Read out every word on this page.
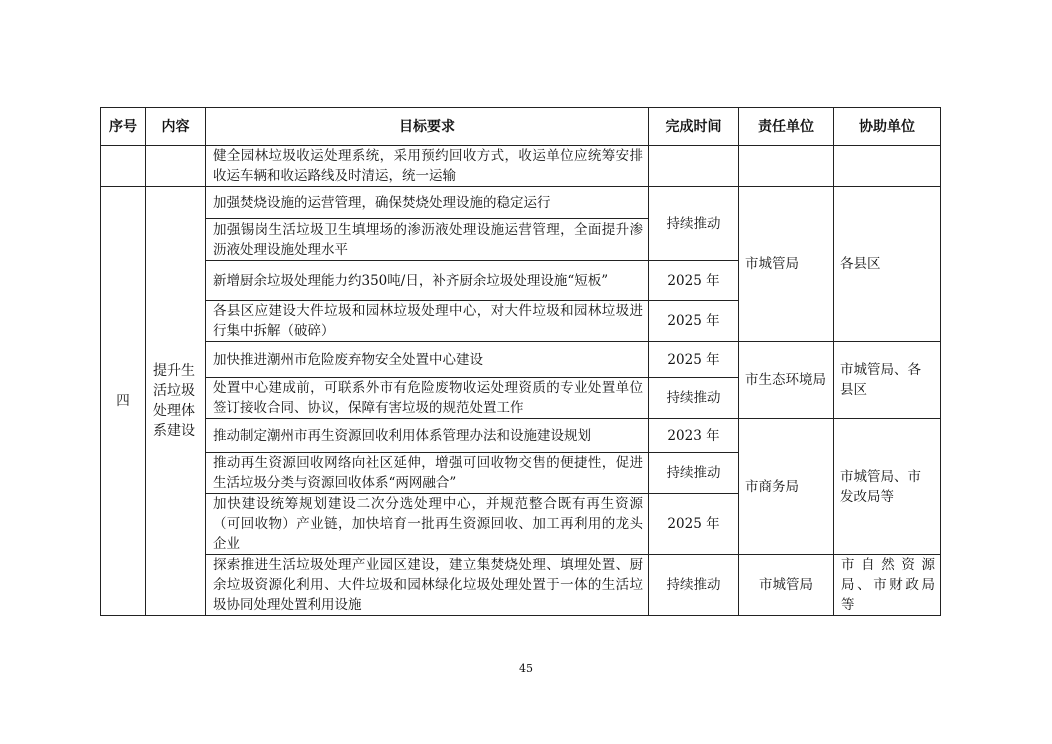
序号	内容	目标要求	完成时间	责任单位	协助单位
		健全园林垃圾收运处理系统，采用预约回收方式，收运单位应统筹安排收运车辆和收运路线及时清运，统一运输			
四	提升生活垃圾处理体系建设	加强焚烧设施的运营管理，确保焚烧处理设施的稳定运行	持续推动	市城管局	各县区
		加强锡岗生活垃圾卫生填埋场的渗沥液处理设施运营管理，全面提升渗沥液处理设施处理水平			
		新增厨余垃圾处理能力约350吨/日，补齐厨余垃圾处理设施“短板”	2025 年		
		各县区应建设大件垃圾和园林垃圾处理中心，对大件垃圾和园林垃圾进行集中拆解（破碎）	2025 年		
		加快推进潮州市危险废弃物安全处置中心建设	2025 年	市生态环境局	市城管局、各县区
		处置中心建成前，可联系外市有危险废物收运处理资质的专业处置单位签订接收合同、协议，保障有害垃圾的规范处置工作	持续推动		
		推动制定潮州市再生资源回收利用体系管理办法和设施建设规划	2023 年	市商务局	市城管局、市发改局等
		推动再生资源回收网络向社区延伸，增强可回收物交售的便捷性，促进生活垃圾分类与资源回收体系“两网融合”	持续推动		
		加快建设统筹规划建设二次分选处理中心，并规范整合既有再生资源（可回收物）产业链，加快培育一批再生资源回收、加工再利用的龙头企业	2025 年		
		探索推进生活垃圾处理产业园区建设，建立集焚烧处理、填埋处置、厨余垃圾资源化利用、大件垃圾和园林绿化垃圾处理处置于一体的生活垃圾协同处理处置利用设施	持续推动	市城管局	市自然资源局、市财政局等
45
